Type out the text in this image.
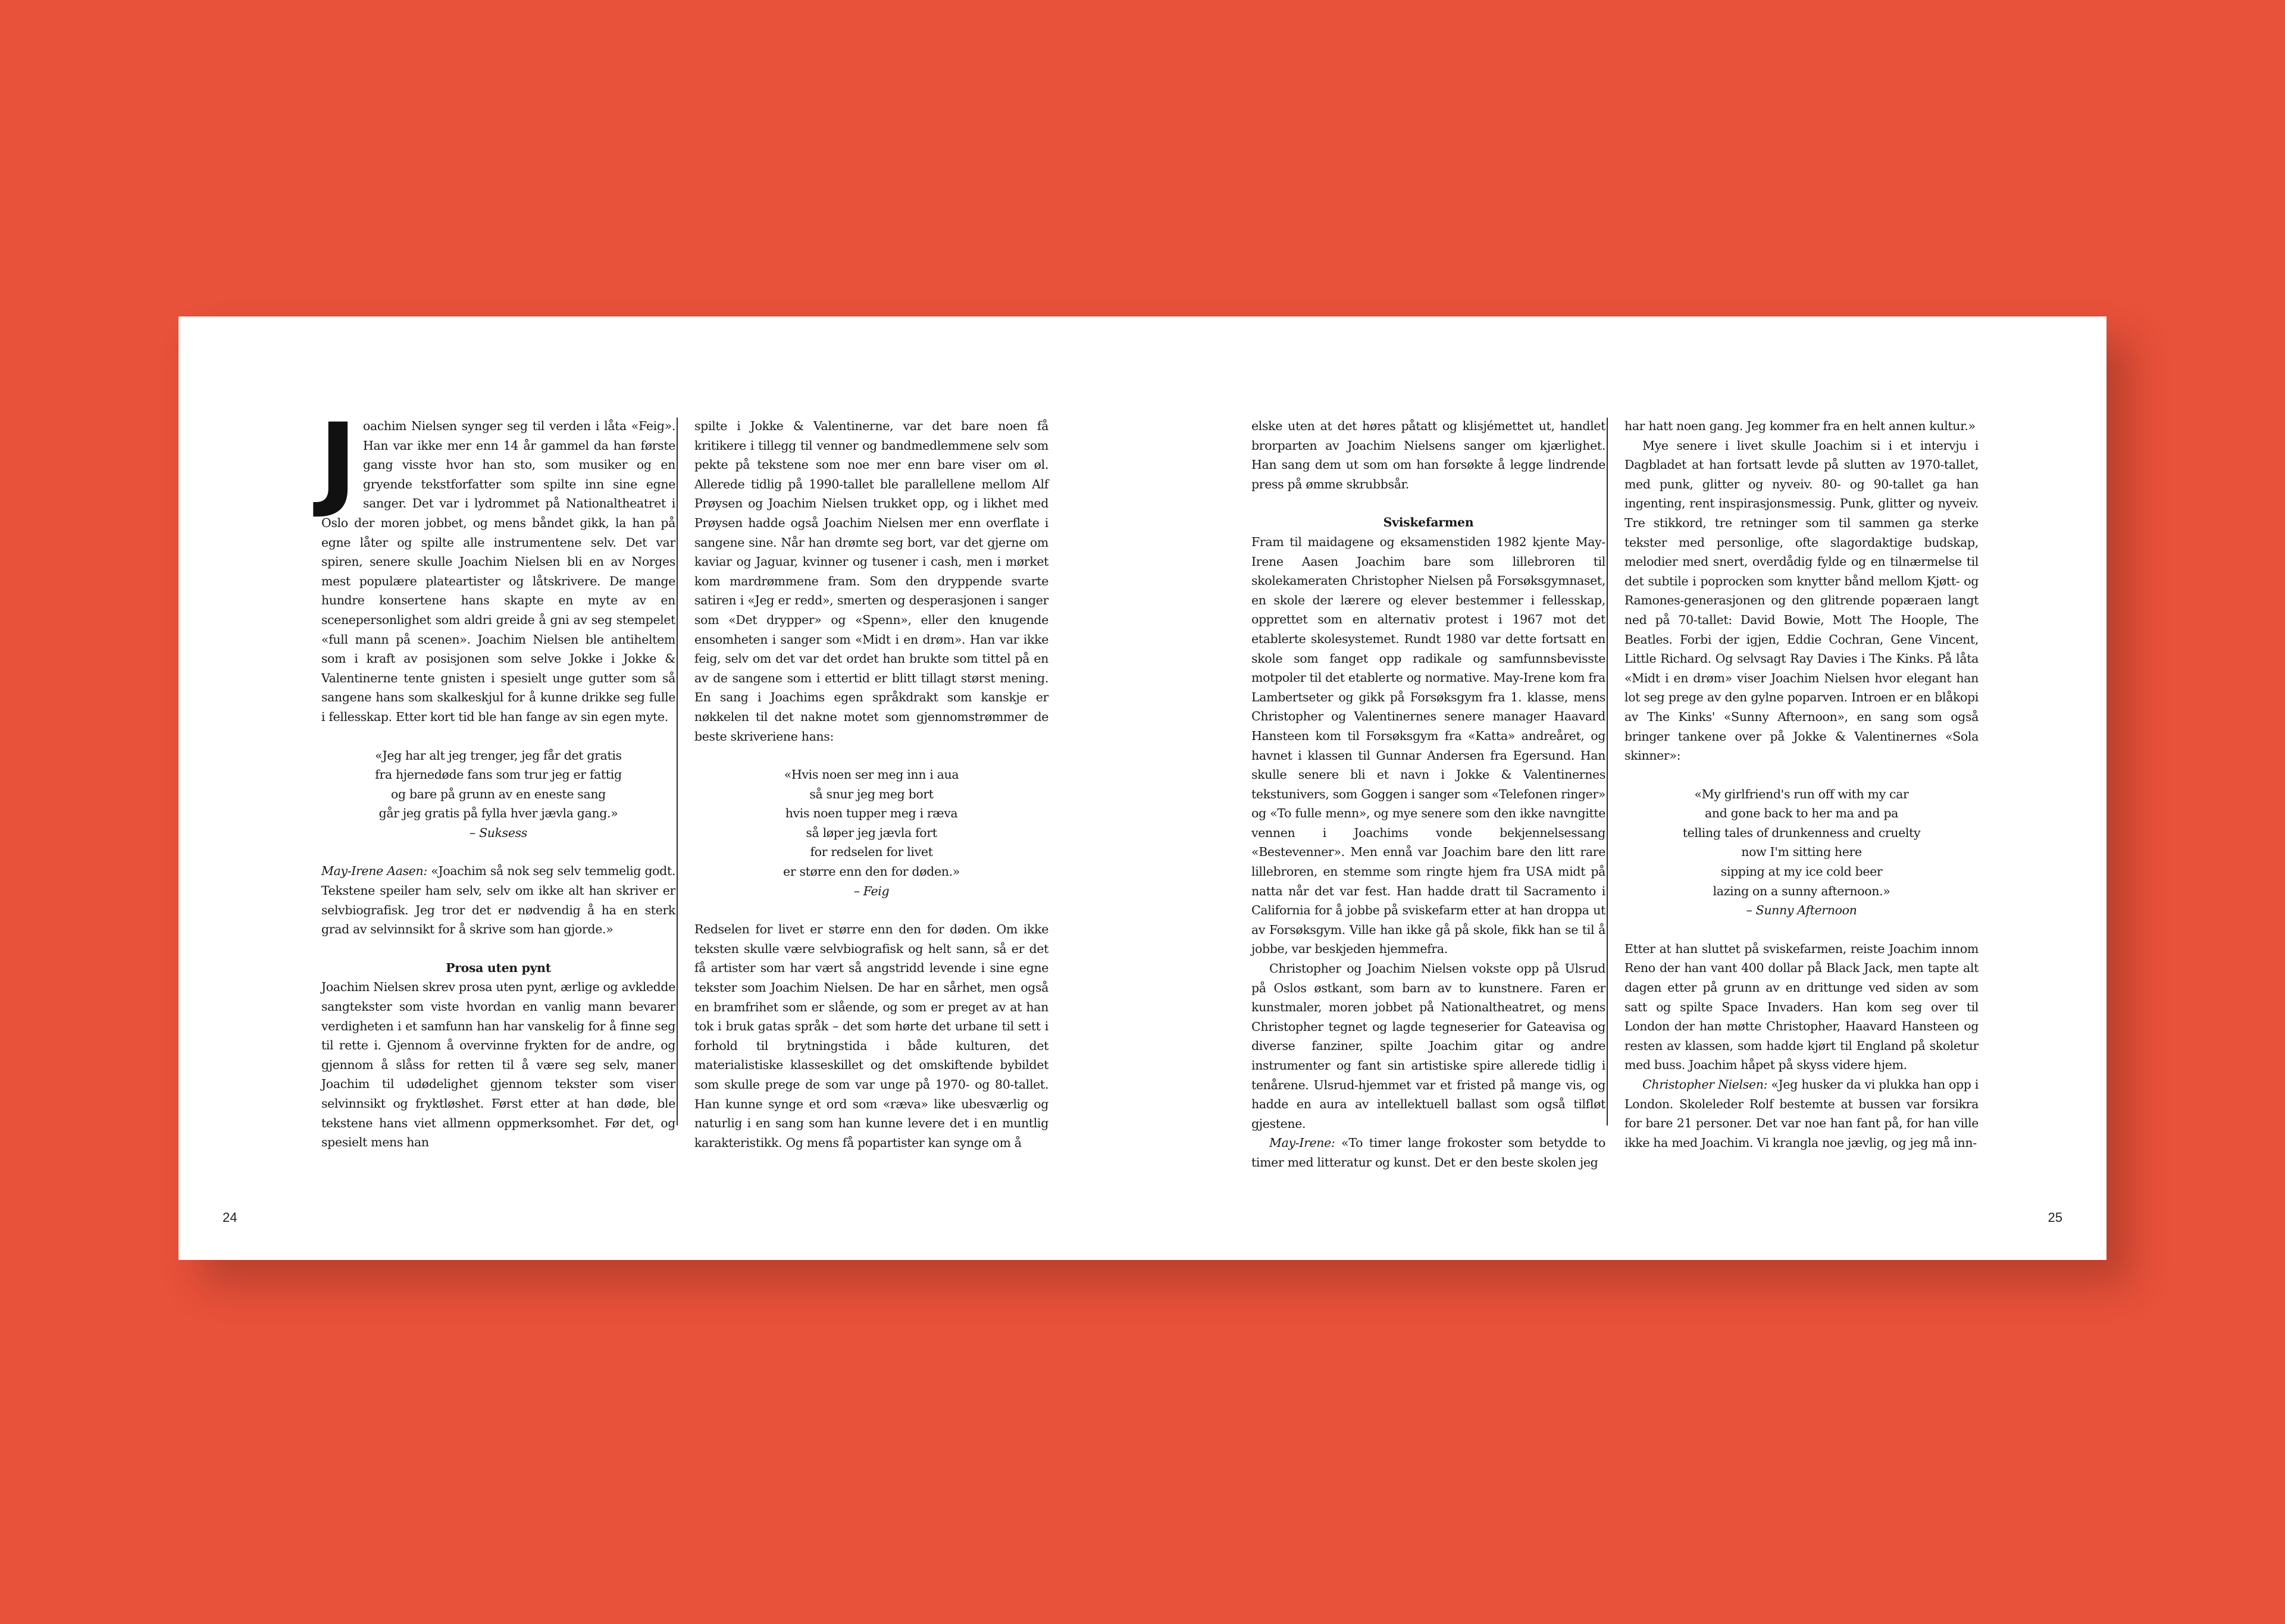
J oachim Nielsen synger seg til verden i låta «Feig». Han var ikke mer enn 14 år gammel da han første gang visste hvor han sto, som musiker og en gryende tekstforfatter som spilte inn sine egne sanger. Det var i lydrommet på Nationaltheatret i Oslo der moren jobbet, og mens båndet gikk, la han på egne låter og spilte alle instrumentene selv. Det var spiren, senere skulle Joachim Nielsen bli en av Norges mest populære plateartister og låtskrivere. De mange hundre konsertene hans skapte en myte av en scenepersonlighet som aldri greide å gni av seg stempelet «full mann på scenen». Joachim Nielsen ble antiheltem som i kraft av posisjonen som selve Jokke i Jokke & Valentinerne tente gnisten i spesielt unge gutter som så sangene hans som skalkeskjul for å kunne drikke seg fulle i fellesskap. Etter kort tid ble han fange av sin egen myte.

«Jeg har alt jeg trenger, jeg får det gratis
fra hjernedøde fans som trur jeg er fattig
og bare på grunn av en eneste sang
går jeg gratis på fylla hver jævla gang.»
– Suksess

May-Irene Aasen: «Joachim så nok seg selv temmelig godt. Tekstene speiler ham selv, selv om ikke alt han skriver er selvbiografisk. Jeg tror det er nødvendig å ha en sterk grad av selvinnsikt for å skrive som han gjorde.»

Prosa uten pynt

Joachim Nielsen skrev prosa uten pynt, ærlige og avkledde sangtekster som viste hvordan en vanlig mann bevarer verdigheten i et samfunn han har vanskelig for å finne seg til rette i. Gjennom å overvinne frykten for de andre, og gjennom å slåss for retten til å være seg selv, maner Joachim til udødelighet gjennom tekster som viser selvinnsikt og fryktløshet. Først etter at han døde, ble tekstene hans viet allmenn oppmerksomhet. Før det, og spesielt mens han

spilte i Jokke & Valentinerne, var det bare noen få kritikere i tillegg til venner og bandmedlemmene selv som pekte på tekstene som noe mer enn bare viser om øl. Allerede tidlig på 1990-tallet ble parallellene mellom Alf Prøysen og Joachim Nielsen trukket opp, og i likhet med Prøysen hadde også Joachim Nielsen mer enn overflate i sangene sine. Når han drømte seg bort, var det gjerne om kaviar og Jaguar, kvinner og tusener i cash, men i mørket kom mardrømmene fram. Som den dryppende svarte satiren i «Jeg er redd», smerten og desperasjonen i sanger som «Det drypper» og «Spenn», eller den knugende ensomheten i sanger som «Midt i en drøm». Han var ikke feig, selv om det var det ordet han brukte som tittel på en av de sangene som i ettertid er blitt tillagt størst mening. En sang i Joachims egen språkdrakt som kanskje er nøkkelen til det nakne motet som gjennomstrømmer de beste skriveriene hans:

«Hvis noen ser meg inn i aua
så snur jeg meg bort
hvis noen tupper meg i ræva
så løper jeg jævla fort
for redselen for livet
er større enn den for døden.»
– Feig

Redselen for livet er større enn den for døden. Om ikke teksten skulle være selvbiografisk og helt sann, så er det få artister som har vært så angstridd levende i sine egne tekster som Joachim Nielsen. De har en sårhet, men også en bramfrihet som er slående, og som er preget av at han tok i bruk gatas språk – det som hørte det urbane til sett i forhold til brytningstida i både kulturen, det materialistiske klasseskillet og det omskiftende bybildet som skulle prege de som var unge på 1970- og 80-tallet. Han kunne synge et ord som «ræva» like ubesværlig og naturlig i en sang som han kunne levere det i en muntlig karakteristikk. Og mens få popartister kan synge om å

elske uten at det høres påtatt og klisjémettet ut, handlet brorparten av Joachim Nielsens sanger om kjærlighet. Han sang dem ut som om han forsøkte å legge lindrende press på ømme skrubbsår.

Sviskefarmen

Fram til maidagene og eksamenstiden 1982 kjente May-Irene Aasen Joachim bare som lillebroren til skolekameraten Christopher Nielsen på Forsøksgymnaset, en skole der lærere og elever bestemmer i fellesskap, opprettet som en alternativ protest i 1967 mot det etablerte skolesystemet. Rundt 1980 var dette fortsatt en skole som fanget opp radikale og samfunnsbevisste motpoler til det etablerte og normative. May-Irene kom fra Lambertseter og gikk på Forsøksgym fra 1. klasse, mens Christopher og Valentinernes senere manager Haavard Hansteen kom til Forsøksgym fra «Katta» andreåret, og havnet i klassen til Gunnar Andersen fra Egersund. Han skulle senere bli et navn i Jokke & Valentinernes tekstunivers, som Goggen i sanger som «Telefonen ringer» og «To fulle menn», og mye senere som den ikke navngitte vennen i Joachims vonde bekjennelsessang «Bestevenner». Men ennå var Joachim bare den litt rare lillebroren, en stemme som ringte hjem fra USA midt på natta når det var fest. Han hadde dratt til Sacramento i California for å jobbe på sviskefarm etter at han droppa ut av Forsøksgym. Ville han ikke gå på skole, fikk han se til å jobbe, var beskjeden hjemmefra.

Christopher og Joachim Nielsen vokste opp på Ulsrud på Oslos østkant, som barn av to kunstnere. Faren er kunstmaler, moren jobbet på Nationaltheatret, og mens Christopher tegnet og lagde tegneserier for Gateavisa og diverse fanziner, spilte Joachim gitar og andre instrumenter og fant sin artistiske spire allerede tidlig i tenårene. Ulsrud-hjemmet var et fristed på mange vis, og hadde en aura av intellektuell ballast som også tilfløt gjestene.

May-Irene: «To timer lange frokoster som betydde to timer med litteratur og kunst. Det er den beste skolen jeg

har hatt noen gang. Jeg kommer fra en helt annen kultur.»

Mye senere i livet skulle Joachim si i et intervju i Dagbladet at han fortsatt levde på slutten av 1970-tallet, med punk, glitter og nyveiv. 80- og 90-tallet ga han ingenting, rent inspirasjonsmessig. Punk, glitter og nyveiv. Tre stikkord, tre retninger som til sammen ga sterke tekster med personlige, ofte slagordaktige budskap, melodier med snert, overdådig fylde og en tilnærmelse til det subtile i poprocken som knytter bånd mellom Kjøtt- og Ramones-generasjonen og den glitrende popæraen langt ned på 70-tallet: David Bowie, Mott The Hoople, The Beatles. Forbi der igjen, Eddie Cochran, Gene Vincent, Little Richard. Og selvsagt Ray Davies i The Kinks. På låta «Midt i en drøm» viser Joachim Nielsen hvor elegant han lot seg prege av den gylne poparven. Introen er en blåkopi av The Kinks' «Sunny Afternoon», en sang som også bringer tankene over på Jokke & Valentinernes «Sola skinner»:

«My girlfriend's run off with my car
and gone back to her ma and pa
telling tales of drunkenness and cruelty
now I'm sitting here
sipping at my ice cold beer
lazing on a sunny afternoon.»
– Sunny Afternoon

Etter at han sluttet på sviskefarmen, reiste Joachim innom Reno der han vant 400 dollar på Black Jack, men tapte alt dagen etter på grunn av en drittunge ved siden av som satt og spilte Space Invaders. Han kom seg over til London der han møtte Christopher, Haavard Hansteen og resten av klassen, som hadde kjørt til England på skoletur med buss. Joachim håpet på skyss videre hjem.

Christopher Nielsen: «Jeg husker da vi plukka han opp i London. Skoleleder Rolf bestemte at bussen var forsikra for bare 21 personer. Det var noe han fant på, for han ville ikke ha med Joachim. Vi krangla noe jævlig, og jeg må inn-

24	25
